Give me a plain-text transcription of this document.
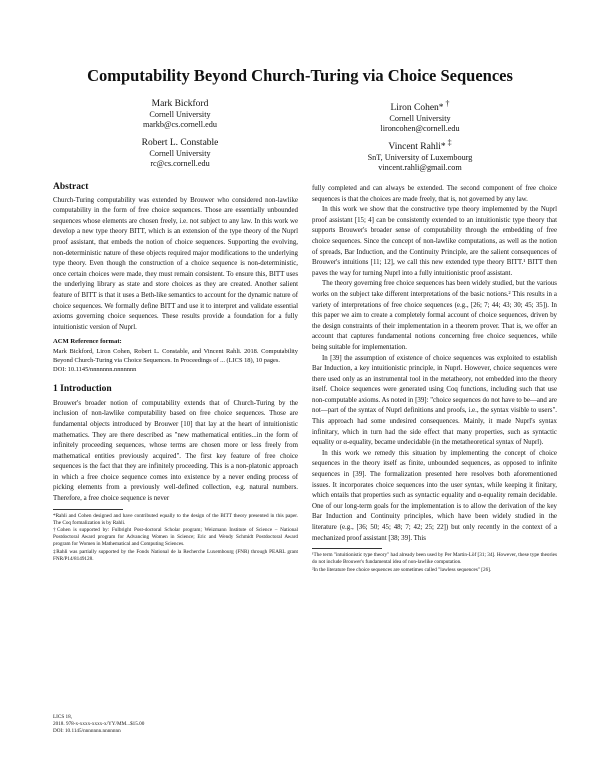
Computability Beyond Church-Turing via Choice Sequences
Mark Bickford
Cornell University
markb@cs.cornell.edu
Liron Cohen* †
Cornell University
lironcohen@cornell.edu
Robert L. Constable
Cornell University
rc@cs.cornell.edu
Vincent Rahli* ‡
SnT, University of Luxembourg
vincent.rahli@gmail.com
Abstract

Church-Turing computability was extended by Brouwer who considered non-lawlike computability in the form of free choice sequences. Those are essentially unbounded sequences whose elements are chosen freely, i.e. not subject to any law. In this work we develop a new type theory BITT, which is an extension of the type theory of the Nuprl proof assistant, that embeds the notion of choice sequences. Supporting the evolving, non-deterministic nature of these objects required major modifications to the underlying type theory. Even though the construction of a choice sequence is non-deterministic, once certain choices were made, they must remain consistent. To ensure this, BITT uses the underlying library as state and store choices as they are created. Another salient feature of BITT is that it uses a Beth-like semantics to account for the dynamic nature of choice sequences. We formally define BITT and use it to interpret and validate essential axioms governing choice sequences. These results provide a foundation for a fully intuitionistic version of Nuprl.

ACM Reference format:
Mark Bickford, Liron Cohen, Robert L. Constable, and Vincent Rahli. 2018. Computability Beyond Church-Turing via Choice Sequences. In Proceedings of ... (LICS 18), 10 pages.
DOI: 10.1145/nnnnnnn.nnnnnnn
1 Introduction

Brouwer's broader notion of computability extends that of Church-Turing by the inclusion of non-lawlike computability based on free choice sequences. Those are fundamental objects introduced by Brouwer [10] that lay at the heart of intuitionistic mathematics. They are there described as "new mathematical entities...in the form of infinitely proceeding sequences, whose terms are chosen more or less freely from mathematical entities previously acquired". The first key feature of free choice sequences is the fact that they are infinitely proceeding. This is a non-platonic approach in which a free choice sequence comes into existence by a never ending process of picking elements from a previously well-defined collection, e.g. natural numbers. Therefore, a free choice sequence is never

*Rahli and Cohen designed and have contributed equally to the design of the BITT theory presented in this paper. The Coq formalization is by Rahli.

†Cohen is supported by: Fulbright Post-doctoral Scholar program; Weizmann Institute of Science – National Postdoctoral Award program for Advancing Women in Science; Eric and Wendy Schmidt Postdoctoral Award program for Women in Mathematical and Computing Sciences.

‡Rahli was partially supported by the Fonds National de la Recherche Luxembourg (FNR) through PEARL grant FNR/P14/8149128.

LICS 18,
2018. 978-x-xxxx-xxxx-x/YY/MM...$15.00
DOI: 10.1145/nnnnnnn.nnnnnnn

fully completed and can always be extended. The second component of free choice sequences is that the choices are made freely, that is, not governed by any law.

In this work we show that the constructive type theory implemented by the Nuprl proof assistant [15; 4] can be consistently extended to an intuitionistic type theory that supports Brouwer's broader sense of computability through the embedding of free choice sequences. Since the concept of non-lawlike computations, as well as the notion of spreads, Bar Induction, and the Continuity Principle, are the salient consequences of Brouwer's intuitions [11; 12], we call this new extended type theory BITT.¹ BITT then paves the way for turning Nuprl into a fully intuitionistic proof assistant.

The theory governing free choice sequences has been widely studied, but the various works on the subject take different interpretations of the basic notions.² This results in a variety of interpretations of free choice sequences (e.g., [26; 7; 44; 43; 30; 45; 35]). In this paper we aim to create a completely formal account of choice sequences, driven by the design constraints of their implementation in a theorem prover. That is, we offer an account that captures fundamental notions concerning free choice sequences, while being suitable for implementation.

In [39] the assumption of existence of choice sequences was exploited to establish Bar Induction, a key intuitionistic principle, in Nuprl. However, choice sequences were there used only as an instrumental tool in the metatheory, not embedded into the theory itself. Choice sequences were generated using Coq functions, including such that use non-computable axioms. As noted in [39]: "choice sequences do not have to be—and are not—part of the syntax of Nuprl definitions and proofs, i.e., the syntax visible to users". This approach had some undesired consequences. Mainly, it made Nuprl's syntax infinitary, which in turn had the side effect that many properties, such as syntactic equality or α-equality, became undecidable (in the metatheoretical syntax of Nuprl).

In this work we remedy this situation by implementing the concept of choice sequences in the theory itself as finite, unbounded sequences, as opposed to infinite sequences in [39]. The formalization presented here resolves both aforementioned issues. It incorporates choice sequences into the user syntax, while keeping it finitary, which entails that properties such as syntactic equality and α-equality remain decidable. One of our long-term goals for the implementation is to allow the derivation of the key Bar Induction and Continuity principles, which have been widely studied in the literature (e.g., [36; 50; 45; 48; 7; 42; 25; 22]) but only recently in the context of a mechanized proof assistant [38; 39]. This

¹The term "intuitionistic type theory" had already been used by Per Martin-Löf [31; 34]. However, these type theories do not include Brouwer's fundamental idea of non-lawlike computation.

²In the literature free choice sequences are sometimes called "lawless sequences" [26].
